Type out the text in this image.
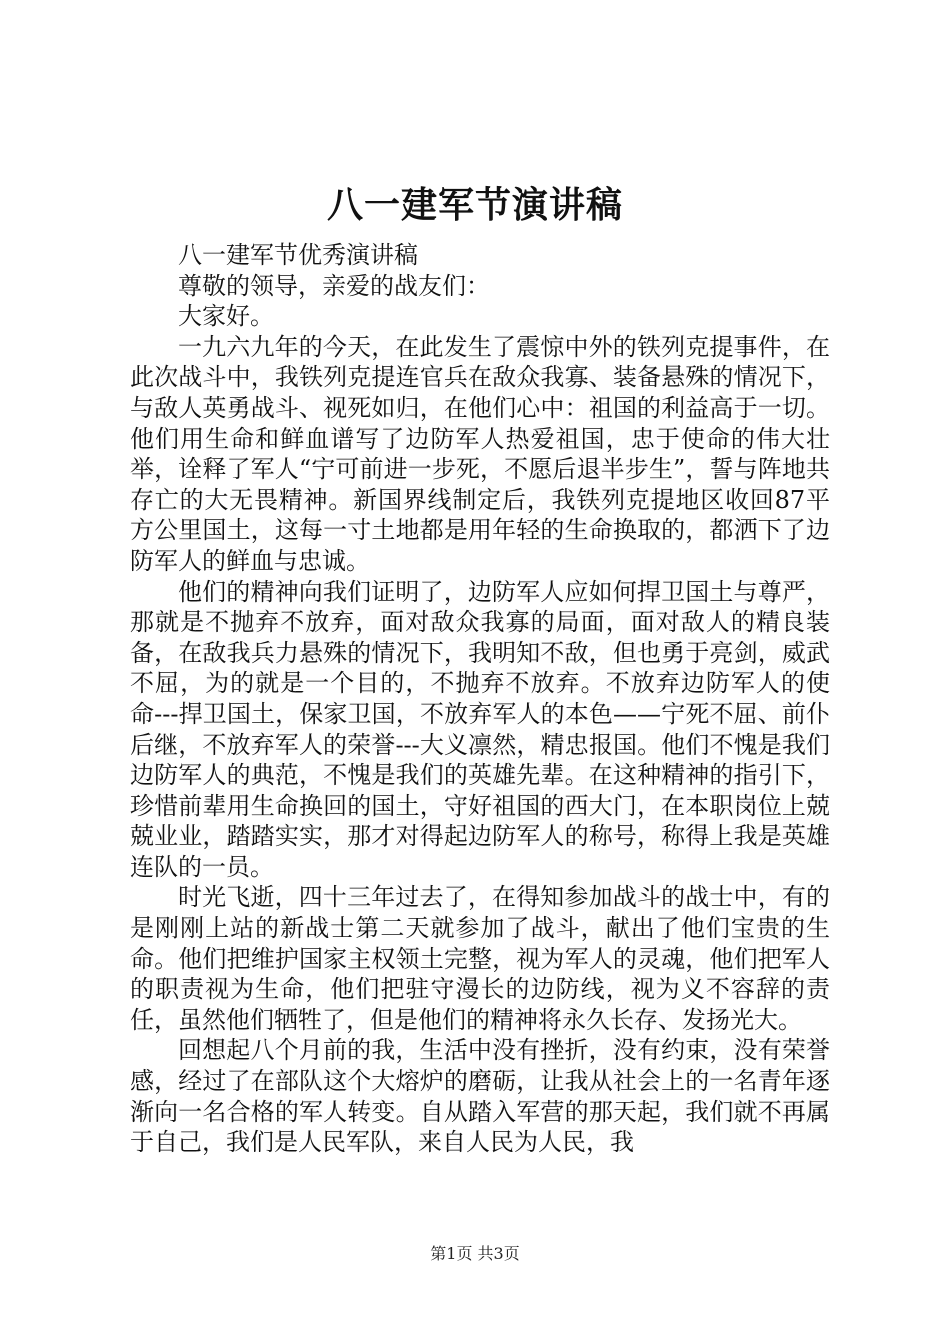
八一建军节演讲稿

八一建军节优秀演讲稿

尊敬的领导，亲爱的战友们：

大家好。

一九六九年的今天，在此发生了震惊中外的铁列克提事件，在此次战斗中，我铁列克提连官兵在敌众我寡、装备悬殊的情况下，与敌人英勇战斗、视死如归，在他们心中：祖国的利益高于一切。他们用生命和鲜血谱写了边防军人热爱祖国，忠于使命的伟大壮举，诠释了军人“宁可前进一步死，不愿后退半步生”，誓与阵地共存亡的大无畏精神。新国界线制定后，我铁列克提地区收回87平方公里国土，这每一寸土地都是用年轻的生命换取的，都洒下了边防军人的鲜血与忠诚。

他们的精神向我们证明了，边防军人应如何捍卫国土与尊严，那就是不抛弃不放弃，面对敌众我寡的局面，面对敌人的精良装备，在敌我兵力悬殊的情况下，我明知不敌，但也勇于亮剑，威武不屈，为的就是一个目的，不抛弃不放弃。不放弃边防军人的使命---捍卫国土，保家卫国，不放弃军人的本色——宁死不屈、前仆后继，不放弃军人的荣誉---大义凛然，精忠报国。他们不愧是我们边防军人的典范，不愧是我们的英雄先辈。在这种精神的指引下，珍惜前辈用生命换回的国土，守好祖国的西大门，在本职岗位上兢兢业业，踏踏实实，那才对得起边防军人的称号，称得上我是英雄连队的一员。

时光飞逝，四十三年过去了，在得知参加战斗的战士中，有的是刚刚上站的新战士第二天就参加了战斗，献出了他们宝贵的生命。他们把维护国家主权领土完整，视为军人的灵魂，他们把军人的职责视为生命，他们把驻守漫长的边防线，视为义不容辞的责任，虽然他们牺牲了，但是他们的精神将永久长存、发扬光大。

回想起八个月前的我，生活中没有挫折，没有约束，没有荣誉感，经过了在部队这个大熔炉的磨砺，让我从社会上的一名青年逐渐向一名合格的军人转变。自从踏入军营的那天起，我们就不再属于自己，我们是人民军队，来自人民为人民，我

第1页 共3页
